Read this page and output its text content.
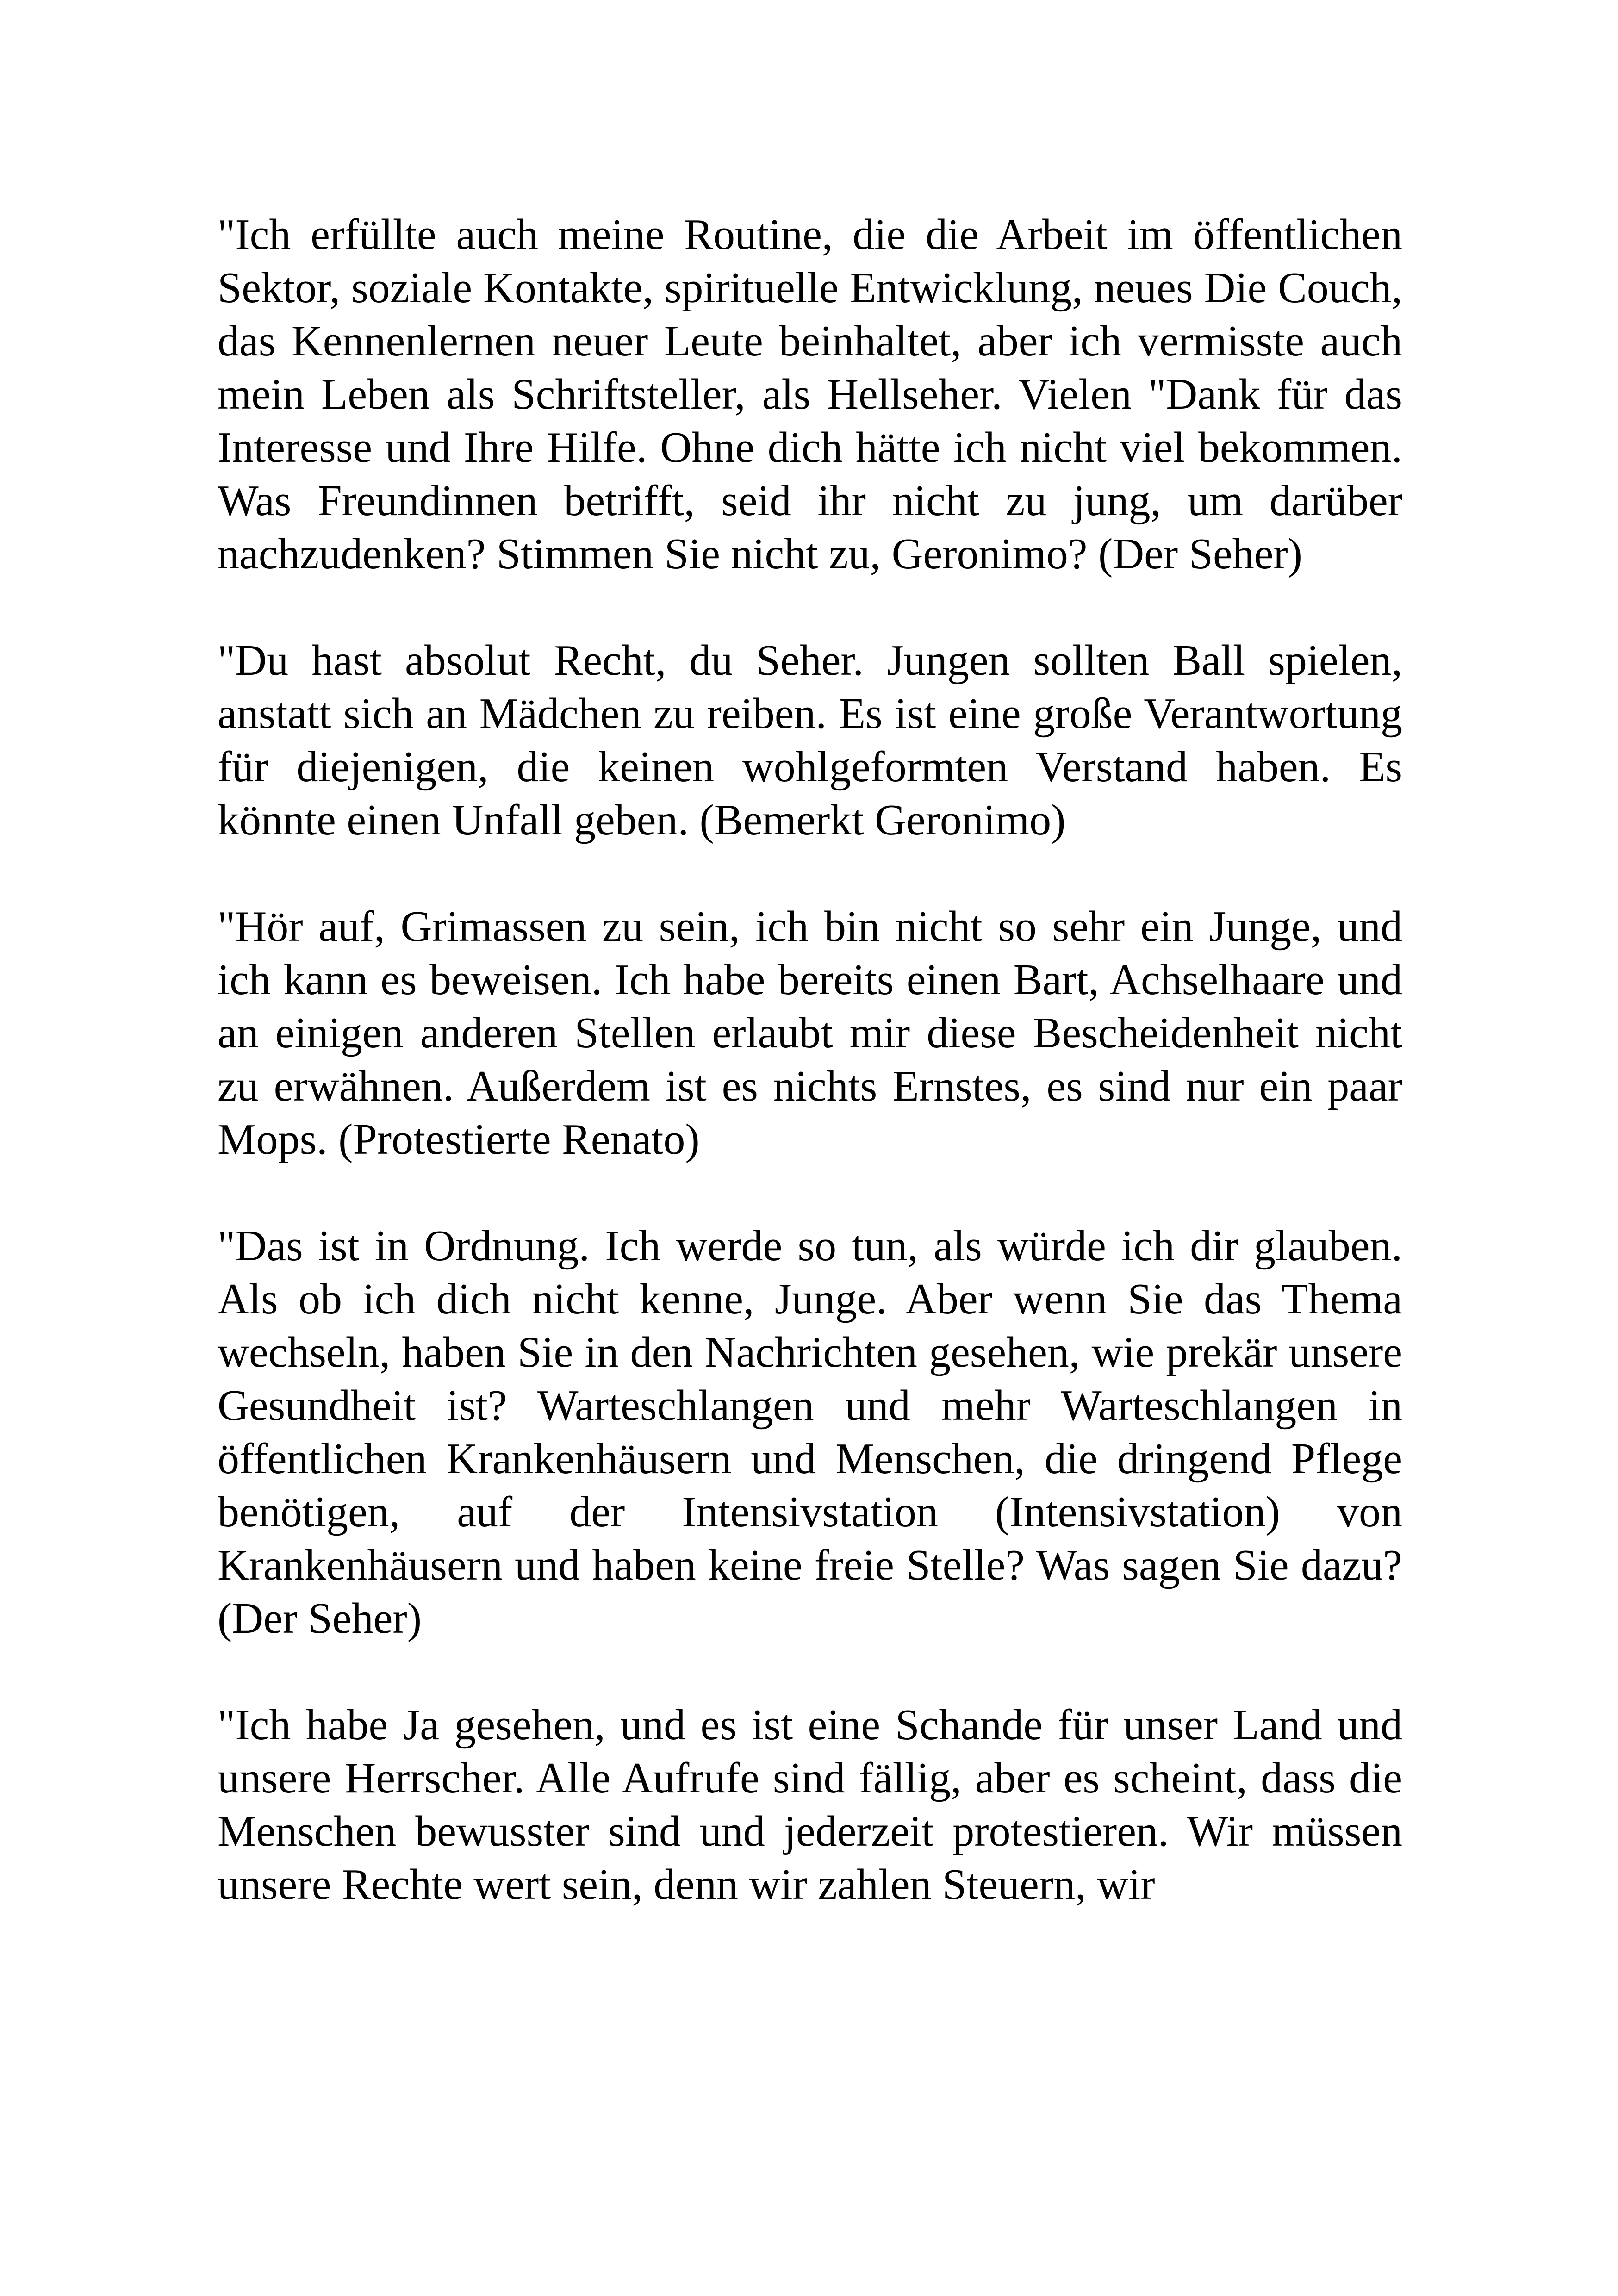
"Ich erfüllte auch meine Routine, die die Arbeit im öffentlichen Sektor, soziale Kontakte, spirituelle Entwicklung, neues Die Couch, das Kennenlernen neuer Leute beinhaltet, aber ich vermisste auch mein Leben als Schriftsteller, als Hellseher. Vielen "Dank für das Interesse und Ihre Hilfe. Ohne dich hätte ich nicht viel bekommen. Was Freundinnen betrifft, seid ihr nicht zu jung, um darüber nachzudenken? Stimmen Sie nicht zu, Geronimo? (Der Seher)

"Du hast absolut Recht, du Seher. Jungen sollten Ball spielen, anstatt sich an Mädchen zu reiben. Es ist eine große Verantwortung für diejenigen, die keinen wohlgeformten Verstand haben. Es könnte einen Unfall geben. (Bemerkt Geronimo)

"Hör auf, Grimassen zu sein, ich bin nicht so sehr ein Junge, und ich kann es beweisen. Ich habe bereits einen Bart, Achselhaare und an einigen anderen Stellen erlaubt mir diese Bescheidenheit nicht zu erwähnen. Außerdem ist es nichts Ernstes, es sind nur ein paar Mops. (Protestierte Renato)

"Das ist in Ordnung. Ich werde so tun, als würde ich dir glauben. Als ob ich dich nicht kenne, Junge. Aber wenn Sie das Thema wechseln, haben Sie in den Nachrichten gesehen, wie prekär unsere Gesundheit ist? Warteschlangen und mehr Warteschlangen in öffentlichen Krankenhäusern und Menschen, die dringend Pflege benötigen, auf der Intensivstation (Intensivstation) von Krankenhäusern und haben keine freie Stelle? Was sagen Sie dazu? (Der Seher)

"Ich habe Ja gesehen, und es ist eine Schande für unser Land und unsere Herrscher. Alle Aufrufe sind fällig, aber es scheint, dass die Menschen bewusster sind und jederzeit protestieren. Wir müssen unsere Rechte wert sein, denn wir zahlen Steuern, wir
